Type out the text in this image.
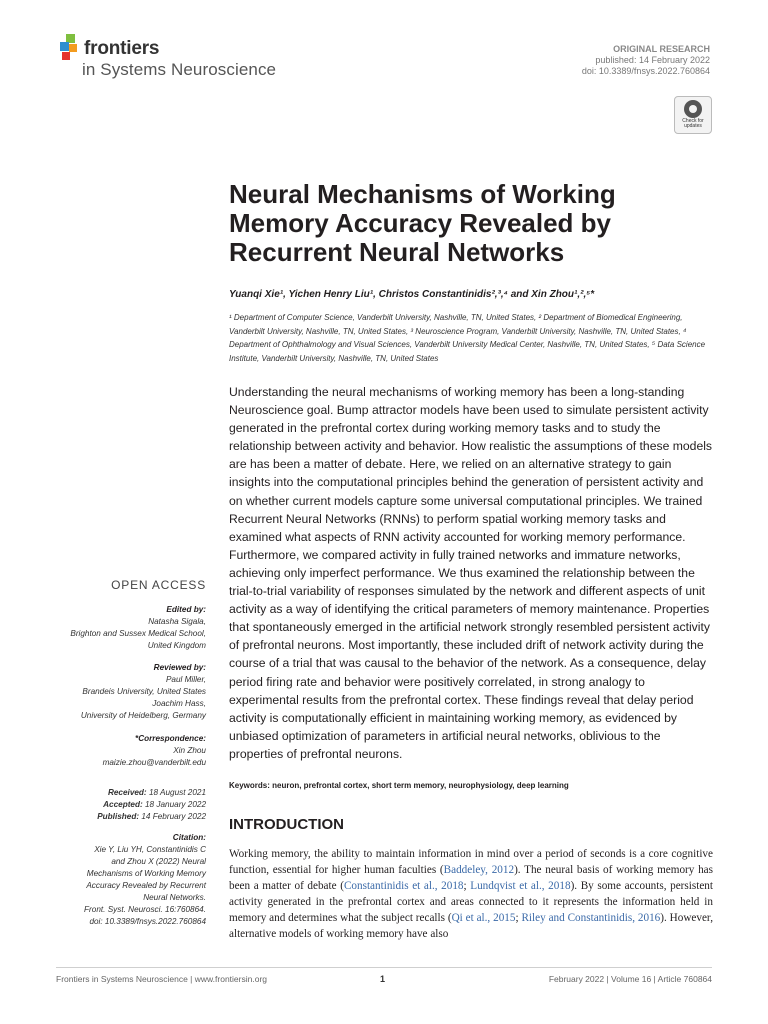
frontiers
in Systems Neuroscience
ORIGINAL RESEARCH
published: 14 February 2022
doi: 10.3389/fnsys.2022.760864
Check for updates
Neural Mechanisms of Working Memory Accuracy Revealed by Recurrent Neural Networks
Yuanqi Xie¹, Yichen Henry Liu¹, Christos Constantinidis²,³,⁴ and Xin Zhou¹,²,⁵*
¹ Department of Computer Science, Vanderbilt University, Nashville, TN, United States, ² Department of Biomedical Engineering, Vanderbilt University, Nashville, TN, United States, ³ Neuroscience Program, Vanderbilt University, Nashville, TN, United States, ⁴ Department of Ophthalmology and Visual Sciences, Vanderbilt University Medical Center, Nashville, TN, United States, ⁵ Data Science Institute, Vanderbilt University, Nashville, TN, United States

Understanding the neural mechanisms of working memory has been a long-standing Neuroscience goal. Bump attractor models have been used to simulate persistent activity generated in the prefrontal cortex during working memory tasks and to study the relationship between activity and behavior. How realistic the assumptions of these models are has been a matter of debate. Here, we relied on an alternative strategy to gain insights into the computational principles behind the generation of persistent activity and on whether current models capture some universal computational principles. We trained Recurrent Neural Networks (RNNs) to perform spatial working memory tasks and examined what aspects of RNN activity accounted for working memory performance. Furthermore, we compared activity in fully trained networks and immature networks, achieving only imperfect performance. We thus examined the relationship between the trial-to-trial variability of responses simulated by the network and different aspects of unit activity as a way of identifying the critical parameters of memory maintenance. Properties that spontaneously emerged in the artificial network strongly resembled persistent activity of prefrontal neurons. Most importantly, these included drift of network activity during the course of a trial that was causal to the behavior of the network. As a consequence, delay period firing rate and behavior were positively correlated, in strong analogy to experimental results from the prefrontal cortex. These findings reveal that delay period activity is computationally efficient in maintaining working memory, as evidenced by unbiased optimization of parameters in artificial neural networks, oblivious to the properties of prefrontal neurons.

Keywords: neuron, prefrontal cortex, short term memory, neurophysiology, deep learning
INTRODUCTION

Working memory, the ability to maintain information in mind over a period of seconds is a core cognitive function, essential for higher human faculties (Baddeley, 2012). The neural basis of working memory has been a matter of debate (Constantinidis et al., 2018; Lundqvist et al., 2018). By some accounts, persistent activity generated in the prefrontal cortex and areas connected to it represents the information held in memory and determines what the subject recalls (Qi et al., 2015; Riley and Constantinidis, 2016). However, alternative models of working memory have also

OPEN ACCESS
Edited by:
Natasha Sigala,
Brighton and Sussex Medical School,
United Kingdom
Reviewed by:
Paul Miller,
Brandeis University, United States
Joachim Hass,
University of Heidelberg, Germany
*Correspondence:
Xin Zhou
maizie.zhou@vanderbilt.edu
Received: 18 August 2021
Accepted: 18 January 2022
Published: 14 February 2022
Citation:
Xie Y, Liu YH, Constantinidis C
and Zhou X (2022) Neural
Mechanisms of Working Memory
Accuracy Revealed by Recurrent
Neural Networks.
Front. Syst. Neurosci. 16:760864.
doi: 10.3389/fnsys.2022.760864
Frontiers in Systems Neuroscience | www.frontiersin.org	1	February 2022 | Volume 16 | Article 760864
